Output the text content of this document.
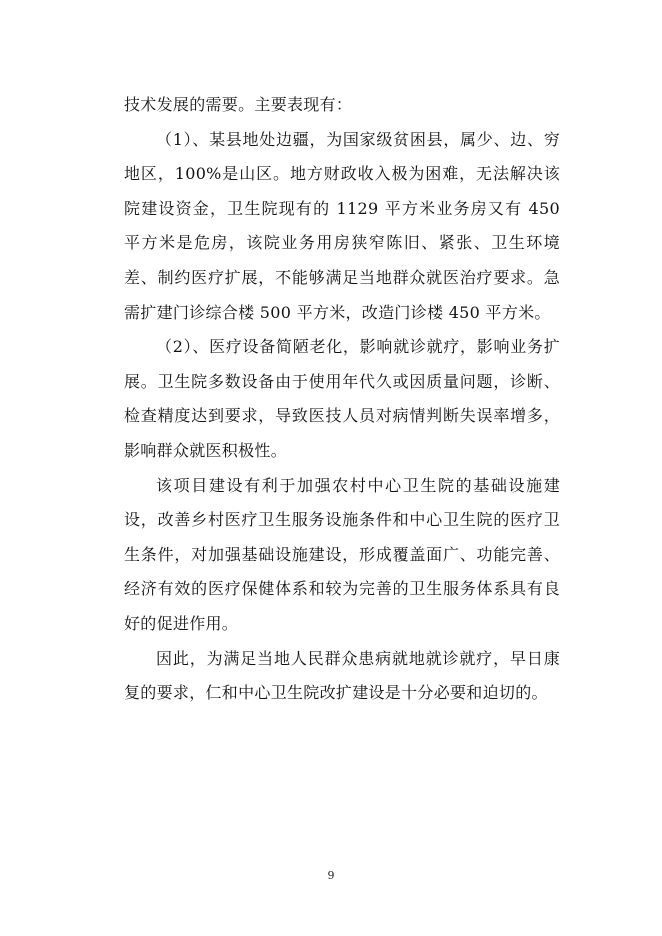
技术发展的需要。主要表现有：

（1）、某县地处边疆，为国家级贫困县，属少、边、穷地区，100%是山区。地方财政收入极为困难，无法解决该院建设资金，卫生院现有的 1129 平方米业务房又有 450 平方米是危房，该院业务用房狭窄陈旧、紧张、卫生环境差、制约医疗扩展，不能够满足当地群众就医治疗要求。急需扩建门诊综合楼 500 平方米，改造门诊楼 450 平方米。

（2）、医疗设备简陋老化，影响就诊就疗，影响业务扩展。卫生院多数设备由于使用年代久或因质量问题，诊断、检查精度达到要求，导致医技人员对病情判断失误率增多，影响群众就医积极性。

该项目建设有利于加强农村中心卫生院的基础设施建设，改善乡村医疗卫生服务设施条件和中心卫生院的医疗卫生条件，对加强基础设施建设，形成覆盖面广、功能完善、经济有效的医疗保健体系和较为完善的卫生服务体系具有良好的促进作用。

因此，为满足当地人民群众患病就地就诊就疗，早日康复的要求，仁和中心卫生院改扩建设是十分必要和迫切的。

9
